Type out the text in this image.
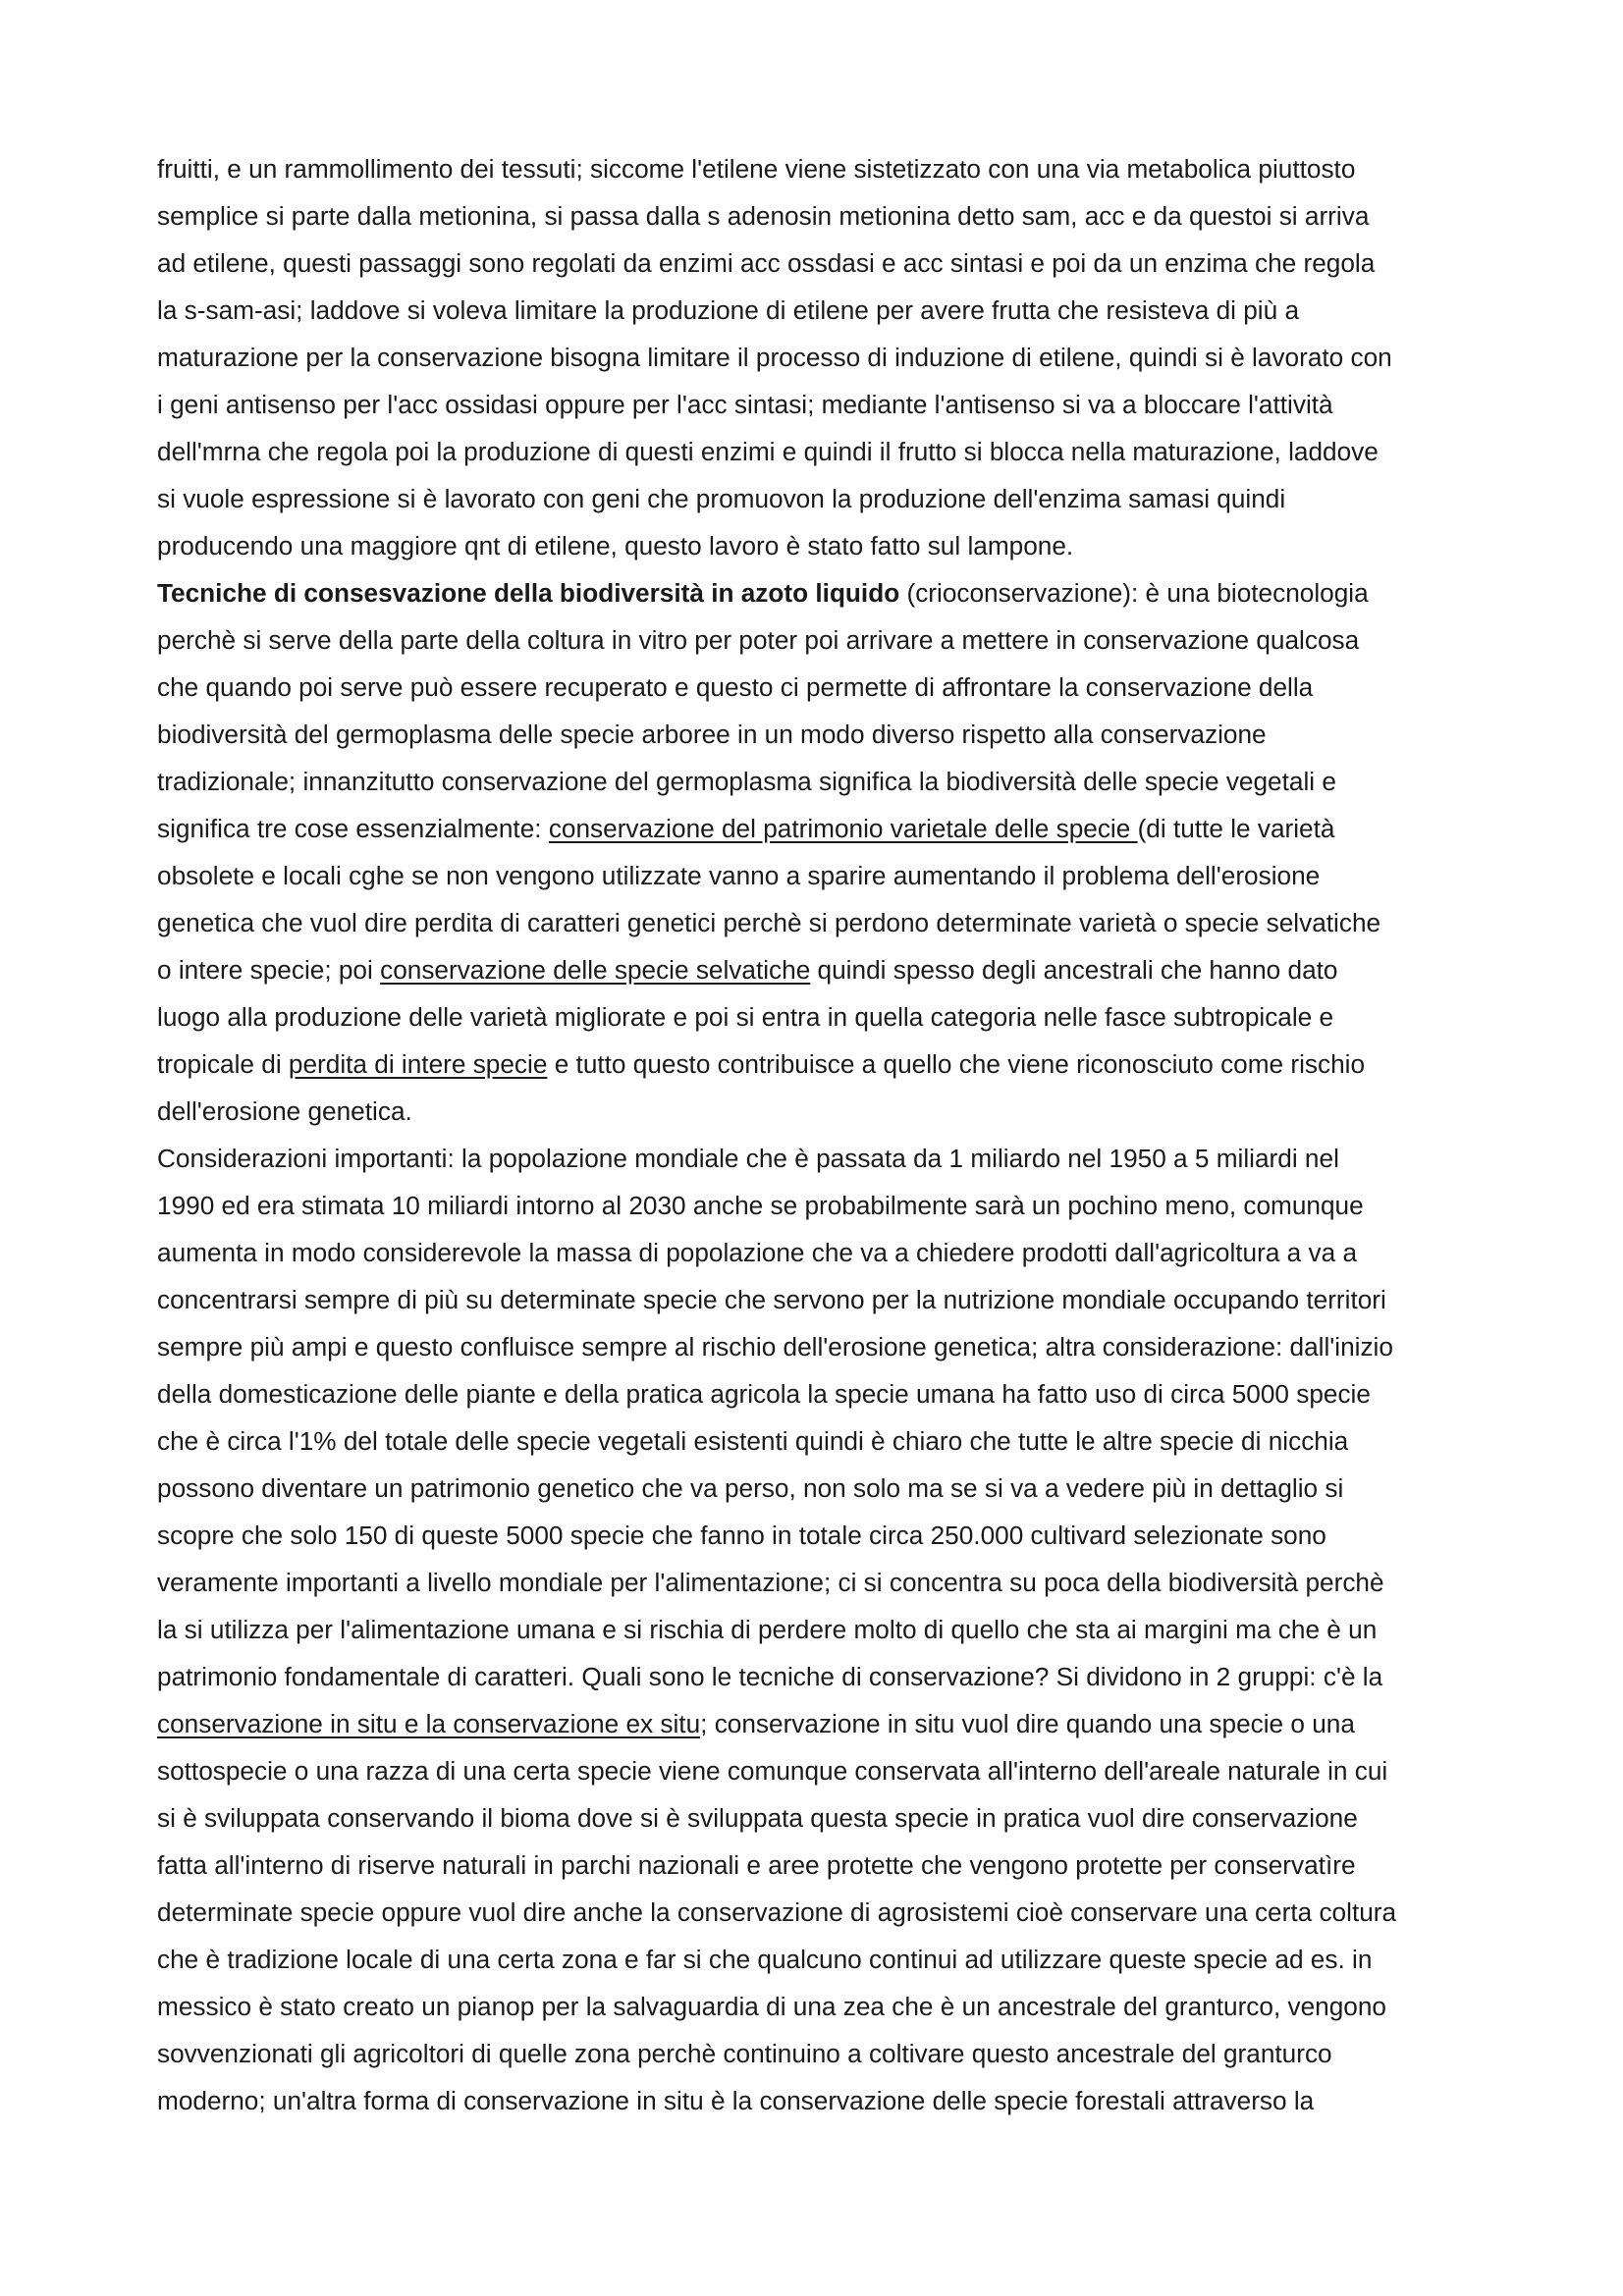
fruitti, e un rammollimento dei tessuti; siccome l'etilene viene sistetizzato con una via metabolica piuttosto
semplice si parte dalla metionina, si passa dalla s adenosin metionina detto sam, acc e da questoi si arriva
ad etilene, questi passaggi sono regolati da enzimi acc ossdasi e acc sintasi e poi da un enzima che regola
la s-sam-asi; laddove si voleva limitare la produzione di etilene per avere frutta che resisteva di più a
maturazione per la conservazione bisogna limitare il processo di induzione di etilene, quindi si è lavorato con
i geni antisenso per l'acc ossidasi oppure per l'acc sintasi; mediante l'antisenso si va a bloccare l'attività
dell'mrna che regola poi la produzione di questi enzimi e quindi il frutto si blocca nella maturazione, laddove
si vuole espressione si è lavorato con geni che promuovon la produzione dell'enzima samasi quindi
producendo una maggiore qnt di etilene, questo lavoro è stato fatto sul lampone.
Tecniche di consesvazione della biodiversità in azoto liquido (crioconservazione): è una biotecnologia
perchè si serve della parte della coltura in vitro per poter poi arrivare a mettere in conservazione qualcosa
che quando poi serve può essere recuperato e questo ci permette di affrontare la conservazione della
biodiversità del germoplasma delle specie arboree in un modo diverso rispetto alla conservazione
tradizionale; innanzitutto conservazione del germoplasma significa la biodiversità delle specie vegetali e
significa tre cose essenzialmente: conservazione del patrimonio varietale delle specie (di tutte le varietà
obsolete e locali cghe se non vengono utilizzate vanno a sparire aumentando il problema dell'erosione
genetica che vuol dire perdita di caratteri genetici perchè si perdono determinate varietà o specie selvatiche
o intere specie; poi conservazione delle specie selvatiche quindi spesso degli ancestrali che hanno dato
luogo alla produzione delle varietà migliorate e poi si entra in quella categoria nelle fasce subtropicale e
tropicale di perdita di intere specie e tutto questo contribuisce a quello che viene riconosciuto come rischio
dell'erosione genetica.
Considerazioni importanti: la popolazione mondiale che è passata da 1 miliardo nel 1950 a 5 miliardi nel
1990 ed era stimata 10 miliardi intorno al 2030 anche se probabilmente sarà un pochino meno, comunque
aumenta in modo considerevole la massa di popolazione che va a chiedere prodotti dall'agricoltura a va a
concentrarsi sempre di più su determinate specie che servono per la nutrizione mondiale occupando territori
sempre più ampi e questo confluisce sempre al rischio dell'erosione genetica; altra considerazione: dall'inizio
della domesticazione delle piante e della pratica agricola la specie umana ha fatto uso di circa 5000 specie
che è circa l'1% del totale delle specie vegetali esistenti quindi è chiaro che tutte le altre specie di nicchia
possono diventare un patrimonio genetico che va perso, non solo ma se si va a vedere più in dettaglio si
scopre che solo 150 di queste 5000 specie che fanno in totale circa 250.000 cultivard selezionate sono
veramente importanti a livello mondiale per l'alimentazione; ci si concentra su poca della biodiversità perchè
la si utilizza per l'alimentazione umana e si rischia di perdere molto di quello che sta ai margini ma che è un
patrimonio fondamentale di caratteri. Quali sono le tecniche di conservazione? Si dividono in 2 gruppi: c'è la
conservazione in situ e la conservazione ex situ; conservazione in situ vuol dire quando una specie o una
sottospecie o una razza di una certa specie viene comunque conservata all'interno dell'areale naturale in cui
si è sviluppata conservando il bioma dove si è sviluppata questa specie in pratica vuol dire conservazione
fatta all'interno di riserve naturali in parchi nazionali e aree protette che vengono protette per conservatìre
determinate specie oppure vuol dire anche la conservazione di agrosistemi cioè conservare una certa coltura
che è tradizione locale di una certa zona e far si che qualcuno continui ad utilizzare queste specie ad es. in
messico è stato creato un pianop per la salvaguardia di una zea che è un ancestrale del granturco, vengono
sovvenzionati gli agricoltori di quelle zona perchè continuino a coltivare questo ancestrale del granturco
moderno; un'altra forma di conservazione in situ è la conservazione delle specie forestali attraverso la
